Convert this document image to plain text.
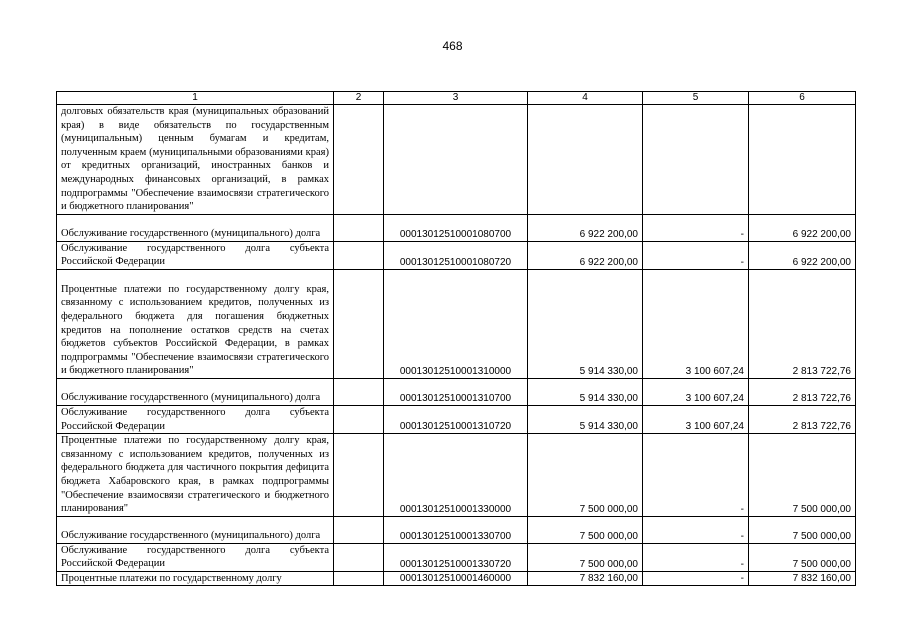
468
1	2	3	4	5	6
долговых обязательств края (муниципальных образований края) в виде обязательств по государственным (муниципальным) ценным бумагам и кредитам, полученным краем (муниципальными образованиями края) от кредитных организаций, иностранных банков и международных финансовых организаций, в рамках подпрограммы "Обеспечение взаимосвязи стратегического и бюджетного планирования"					
Обслуживание государственного (муниципального) долга		00013012510001080700	6 922 200,00	-	6 922 200,00
Обслуживание государственного долга субъекта Российской Федерации		00013012510001080720	6 922 200,00	-	6 922 200,00
Процентные платежи по государственному долгу края, связанному с использованием кредитов, полученных из федерального бюджета для погашения бюджетных кредитов на пополнение остатков средств на счетах бюджетов субъектов Российской Федерации, в рамках подпрограммы "Обеспечение взаимосвязи стратегического и бюджетного планирования"		00013012510001310000	5 914 330,00	3 100 607,24	2 813 722,76
Обслуживание государственного (муниципального) долга		00013012510001310700	5 914 330,00	3 100 607,24	2 813 722,76
Обслуживание государственного долга субъекта Российской Федерации		00013012510001310720	5 914 330,00	3 100 607,24	2 813 722,76
Процентные платежи по государственному долгу края, связанному с использованием кредитов, полученных из федерального бюджета для частичного покрытия дефицита бюджета Хабаровского края, в рамках подпрограммы "Обеспечение взаимосвязи стратегического и бюджетного планирования"		00013012510001330000	7 500 000,00	-	7 500 000,00
Обслуживание государственного (муниципального) долга		00013012510001330700	7 500 000,00	-	7 500 000,00
Обслуживание государственного долга субъекта Российской Федерации		00013012510001330720	7 500 000,00	-	7 500 000,00
Процентные платежи по государственному долгу		00013012510001460000	7 832 160,00	-	7 832 160,00
